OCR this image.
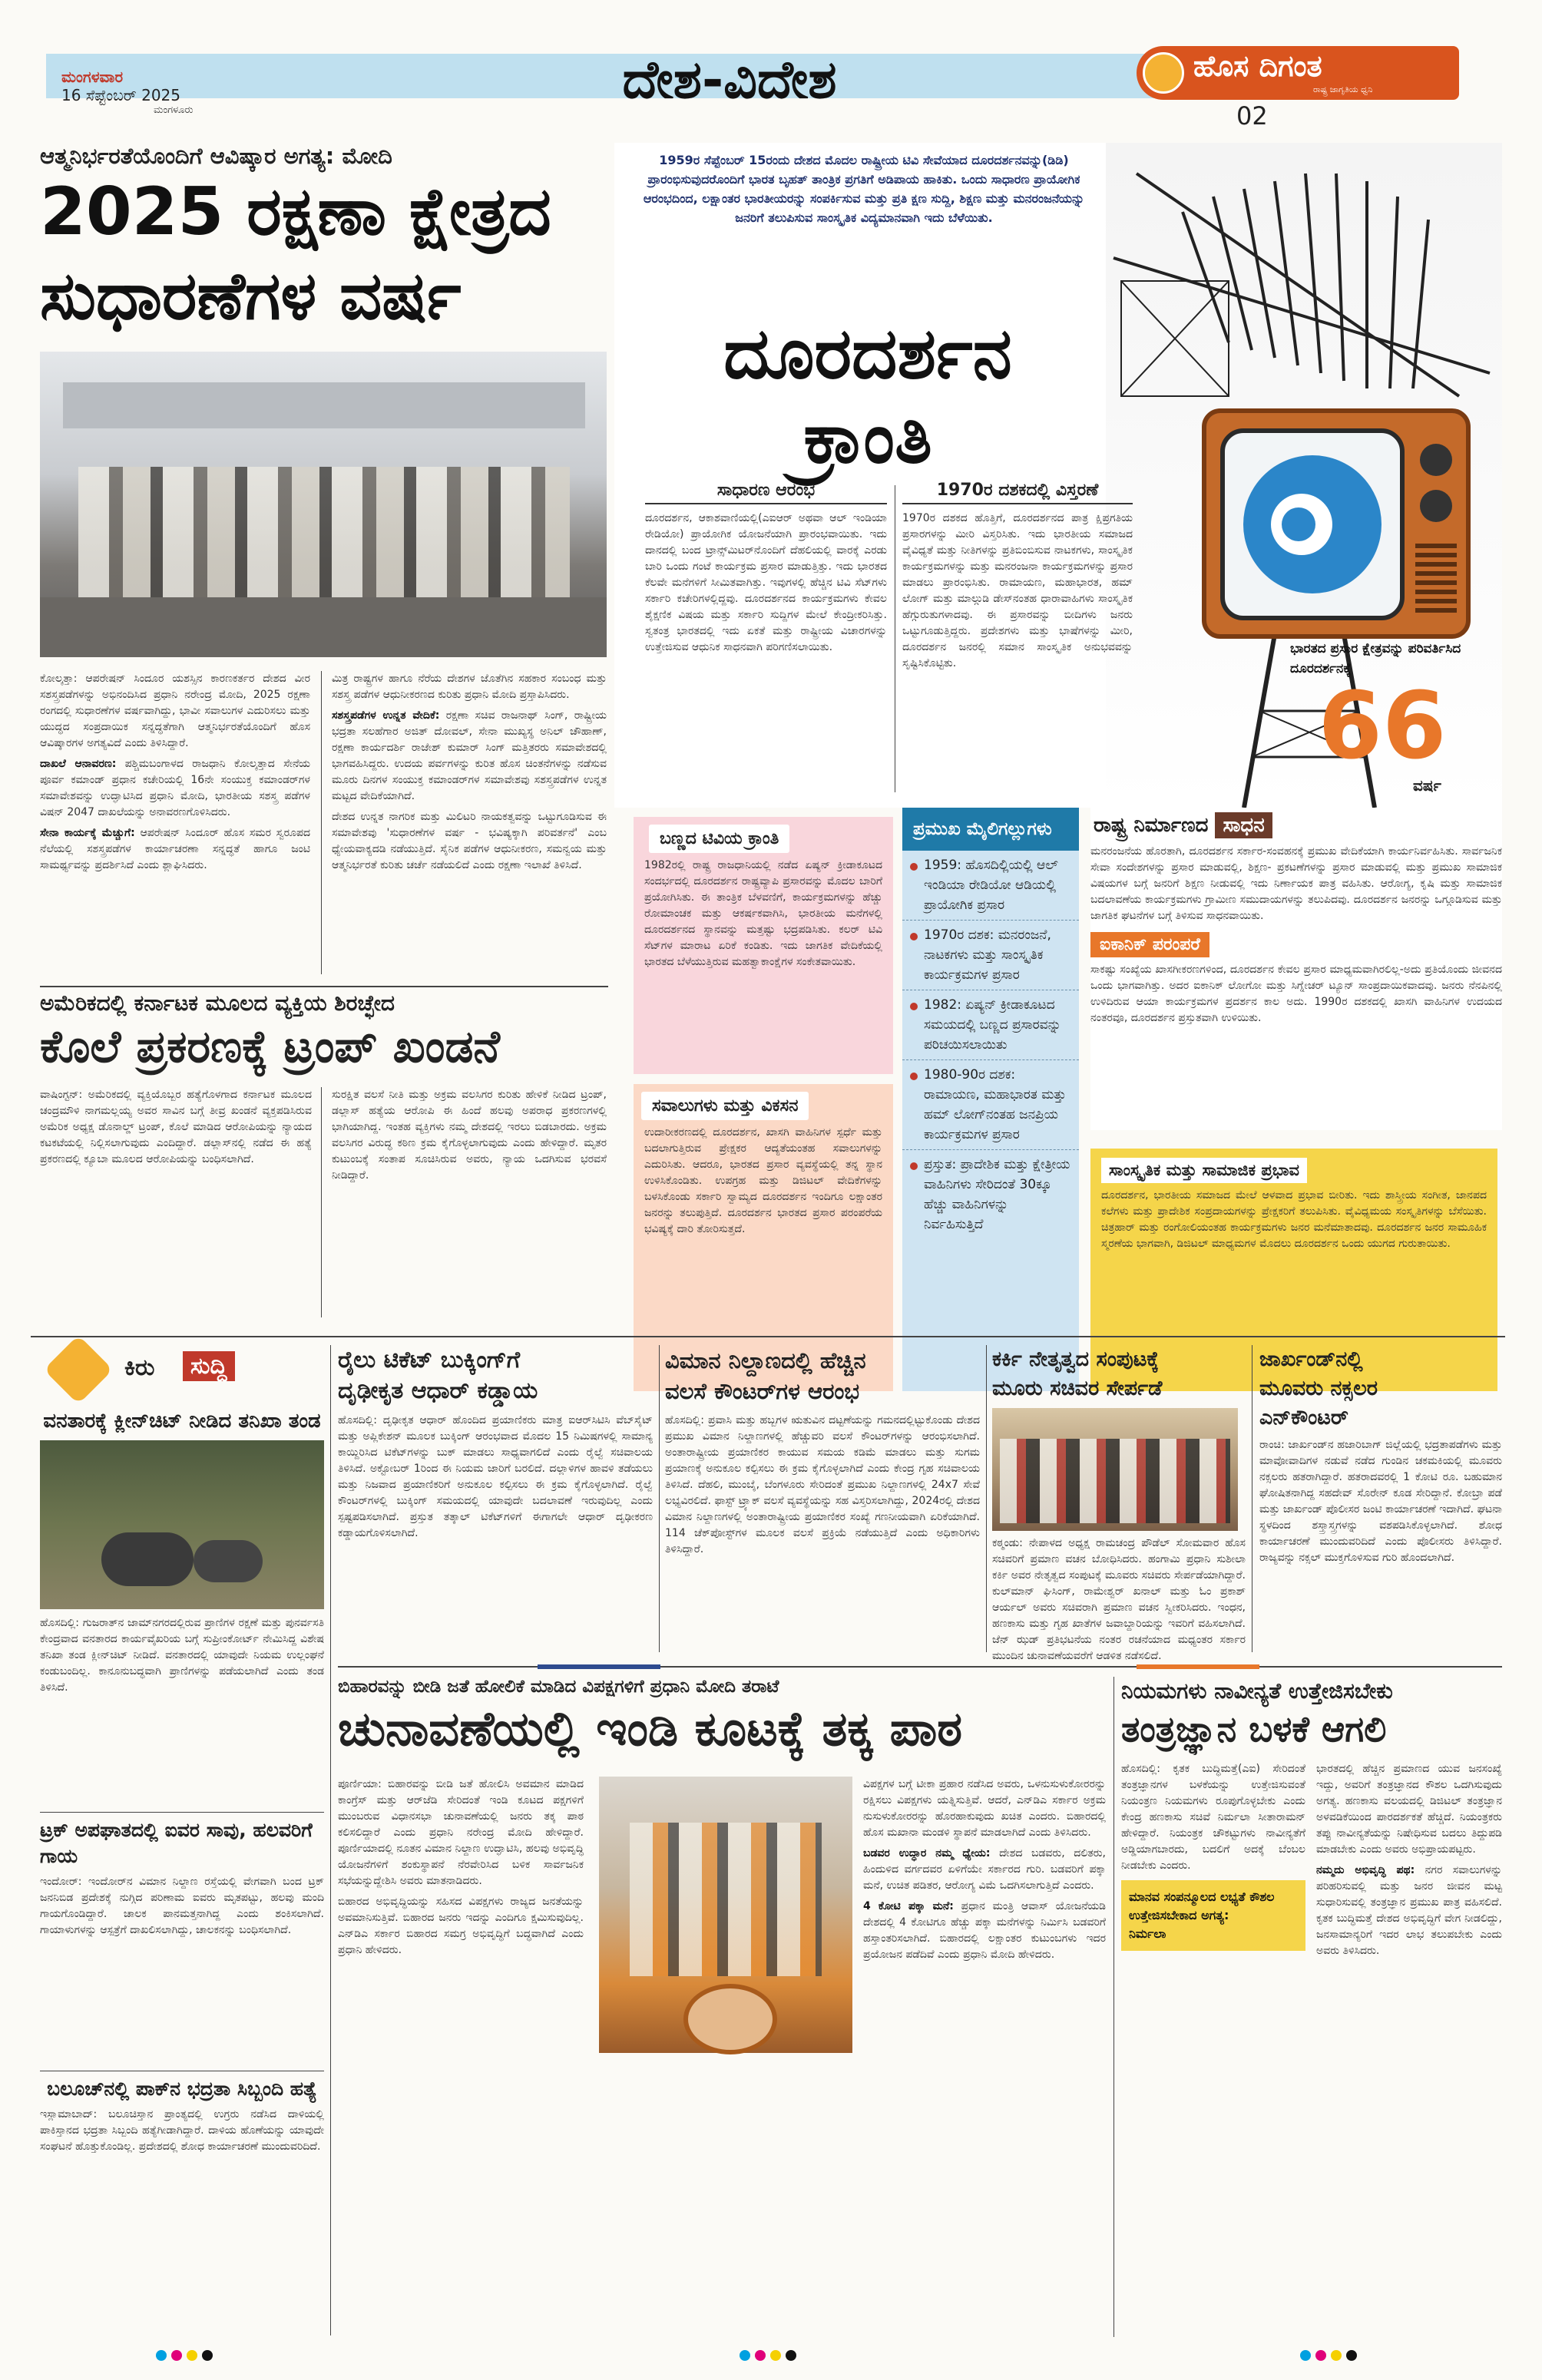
ಮಂಗಳವಾರ
16 ಸೆಪ್ಟೆಂಬರ್ 2025
ಮಂಗಳೂರು	ದೇಶ-ವಿದೇಶ	ಹೊಸ ದಿಗಂತ
ರಾಷ್ಟ್ರ ಜಾಗೃತಿಯ ಧ್ವನಿ
02
ಆತ್ಮನಿರ್ಭರತೆಯೊಂದಿಗೆ ಆವಿಷ್ಕಾರ ಅಗತ್ಯ: ಮೋದಿ
2025 ರಕ್ಷಣಾ ಕ್ಷೇತ್ರದ
ಸುಧಾರಣೆಗಳ ವರ್ಷ

ಕೋಲ್ಕತ್ತಾ: ಆಪರೇಷನ್ ಸಿಂದೂರ ಯಶಸ್ಸಿನ ಕಾರಣಕರ್ತರ ದೇಶದ ವೀರ ಸಶಸ್ತ್ರಪಡೆಗಳನ್ನು ಅಭಿನಂದಿಸಿದ ಪ್ರಧಾನಿ ನರೇಂದ್ರ ಮೋದಿ, 2025 ರಕ್ಷಣಾ ರಂಗದಲ್ಲಿ ಸುಧಾರಣೆಗಳ ವರ್ಷವಾಗಿದ್ದು, ಭಾವೀ ಸವಾಲುಗಳ ಎದುರಿಸಲು ಮತ್ತು ಯುದ್ಧದ ಸಂಪ್ರದಾಯಿಕ ಸನ್ನದ್ಧತೆಗಾಗಿ ಆತ್ಮನಿರ್ಭರತೆಯೊಂದಿಗೆ ಹೊಸ ಆವಿಷ್ಕಾರಗಳ ಅಗತ್ಯವಿದೆ ಎಂದು ತಿಳಿಸಿದ್ದಾರೆ.

ದಾಖಲೆ ಆನಾವರಣ: ಪಶ್ಚಿಮಬಂಗಾಳದ ರಾಜಧಾನಿ ಕೋಲ್ಕತ್ತಾದ ಸೇನೆಯ ಪೂರ್ವ ಕಮಾಂಡ್ ಪ್ರಧಾನ ಕಚೇರಿಯಲ್ಲಿ 16ನೇ ಸಂಯುಕ್ತ ಕಮಾಂಡರ್‌ಗಳ ಸಮಾವೇಶವನ್ನು ಉದ್ಘಾಟಿಸಿದ ಪ್ರಧಾನಿ ಮೋದಿ, ಭಾರತೀಯ ಸಶಸ್ತ್ರ ಪಡೆಗಳ ವಿಷನ್ 2047 ದಾಖಲೆಯನ್ನು ಅನಾವರಣಗೊಳಿಸಿದರು.

ಸೇನಾ ಕಾರ್ಯಕ್ಕೆ ಮೆಚ್ಚುಗೆ: ಆಪರೇಷನ್ ಸಿಂದೂರ್ ಹೊಸ ಸಮರ ಸ್ವರೂಪದ ನೆಲೆಯಲ್ಲಿ ಸಶಸ್ತ್ರಪಡೆಗಳ ಕಾರ್ಯಾಚರಣಾ ಸನ್ನದ್ಧತೆ ಹಾಗೂ ಜಂಟಿ ಸಾಮರ್ಥ್ಯವನ್ನು ಪ್ರದರ್ಶಿಸಿದೆ ಎಂದು ಶ್ಲಾಘಿಸಿದರು.

ಮಿತ್ರ ರಾಷ್ಟ್ರಗಳ ಹಾಗೂ ನೆರೆಯ ದೇಶಗಳ ಜೊತೆಗಿನ ಸಹಕಾರ ಸಂಬಂಧ ಮತ್ತು ಸಶಸ್ತ್ರ ಪಡೆಗಳ ಆಧುನೀಕರಣದ ಕುರಿತು ಪ್ರಧಾನಿ ಮೋದಿ ಪ್ರಸ್ತಾಪಿಸಿದರು.

ಸಶಸ್ತ್ರಪಡೆಗಳ ಉನ್ನತ ವೇದಿಕೆ: ರಕ್ಷಣಾ ಸಚಿವ ರಾಜನಾಥ್ ಸಿಂಗ್, ರಾಷ್ಟ್ರೀಯ ಭದ್ರತಾ ಸಲಹೆಗಾರ ಅಜಿತ್ ದೋವಲ್, ಸೇನಾ ಮುಖ್ಯಸ್ಥ ಅನಿಲ್ ಚೌಹಾಣ್, ರಕ್ಷಣಾ ಕಾರ್ಯದರ್ಶಿ ರಾಜೇಶ್ ಕುಮಾರ್ ಸಿಂಗ್ ಮತ್ತಿತರರು ಸಮಾವೇಶದಲ್ಲಿ ಭಾಗವಹಿಸಿದ್ದರು. ಉದಯ ಪರ್ವಗಳನ್ನು ಕುರಿತ ಹೊಸ ಚಿಂತನೆಗಳನ್ನು ನಡೆಸುವ ಮೂರು ದಿನಗಳ ಸಂಯುಕ್ತ ಕಮಾಂಡರ್‌ಗಳ ಸಮಾವೇಶವು ಸಶಸ್ತ್ರಪಡೆಗಳ ಉನ್ನತ ಮಟ್ಟದ ವೇದಿಕೆಯಾಗಿದೆ.

ದೇಶದ ಉನ್ನತ ನಾಗರಿಕ ಮತ್ತು ಮಿಲಿಟರಿ ನಾಯಕತ್ವವನ್ನು ಒಟ್ಟುಗೂಡಿಸುವ ಈ ಸಮಾವೇಶವು 'ಸುಧಾರಣೆಗಳ ವರ್ಷ - ಭವಿಷ್ಯಕ್ಕಾಗಿ ಪರಿವರ್ತನೆ' ಎಂಬ ಧ್ಯೇಯವಾಕ್ಯದಡಿ ನಡೆಯುತ್ತಿದೆ. ಸೈನಿಕ ಪಡೆಗಳ ಆಧುನೀಕರಣ, ಸಮನ್ವಯ ಮತ್ತು ಆತ್ಮನಿರ್ಭರತೆ ಕುರಿತು ಚರ್ಚೆ ನಡೆಯಲಿದೆ ಎಂದು ರಕ್ಷಣಾ ಇಲಾಖೆ ತಿಳಿಸಿದೆ.

1959ರ ಸೆಪ್ಟೆಂಬರ್ 15ರಂದು ದೇಶದ ಮೊದಲ ರಾಷ್ಟ್ರೀಯ ಟಿವಿ ಸೇವೆಯಾದ ದೂರದರ್ಶನವನ್ನು(ಡಿಡಿ) ಪ್ರಾರಂಭಿಸುವುದರೊಂದಿಗೆ ಭಾರತ ಬೃಹತ್ ತಾಂತ್ರಿಕ ಪ್ರಗತಿಗೆ ಅಡಿಪಾಯ ಹಾಕಿತು. ಒಂದು ಸಾಧಾರಣ ಪ್ರಾಯೋಗಿಕ ಆರಂಭದಿಂದ, ಲಕ್ಷಾಂತರ ಭಾರತೀಯರನ್ನು ಸಂಪರ್ಕಿಸುವ ಮತ್ತು ಪ್ರತಿ ಕ್ಷಣ ಸುದ್ದಿ, ಶಿಕ್ಷಣ ಮತ್ತು ಮನರಂಜನೆಯನ್ನು ಜನರಿಗೆ ತಲುಪಿಸುವ ಸಾಂಸ್ಕೃತಿಕ ವಿದ್ಯಮಾನವಾಗಿ ಇದು ಬೆಳೆಯಿತು.
ದೂರದರ್ಶನ
ಕ್ರಾಂತಿ
ಸಾಧಾರಣ ಆರಂಭ
ದೂರದರ್ಶನ, ಆಕಾಶವಾಣಿಯಲ್ಲಿ(ಎಐಆರ್ ಅಥವಾ ಆಲ್ ಇಂಡಿಯಾ ರೇಡಿಯೋ) ಪ್ರಾಯೋಗಿಕ ಯೋಜನೆಯಾಗಿ ಪ್ರಾರಂಭವಾಯಿತು. ಇದು ದಾನದಲ್ಲಿ ಬಂದ ಟ್ರಾನ್ಸ್‌ಮಿಟರ್‌ನೊಂದಿಗೆ ದೆಹಲಿಯಲ್ಲಿ ವಾರಕ್ಕೆ ಎರಡು ಬಾರಿ ಒಂದು ಗಂಟೆ ಕಾರ್ಯಕ್ರಮ ಪ್ರಸಾರ ಮಾಡುತ್ತಿತ್ತು. ಇದು ಭಾರತದ ಕೆಲವೇ ಮನೆಗಳಿಗೆ ಸೀಮಿತವಾಗಿತ್ತು. ಇವುಗಳಲ್ಲಿ ಹೆಚ್ಚಿನ ಟಿವಿ ಸೆಟ್‌ಗಳು ಸರ್ಕಾರಿ ಕಚೇರಿಗಳಲ್ಲಿದ್ದವು. ದೂರದರ್ಶನದ ಕಾರ್ಯಕ್ರಮಗಳು ಕೇವಲ ಶೈಕ್ಷಣಿಕ ವಿಷಯ ಮತ್ತು ಸರ್ಕಾರಿ ಸುದ್ದಿಗಳ ಮೇಲೆ ಕೇಂದ್ರೀಕರಿಸಿತ್ತು. ಸ್ವತಂತ್ರ ಭಾರತದಲ್ಲಿ ಇದು ಏಕತೆ ಮತ್ತು ರಾಷ್ಟ್ರೀಯ ವಿಚಾರಗಳನ್ನು ಉತ್ತೇಜಿಸುವ ಆಧುನಿಕ ಸಾಧನವಾಗಿ ಪರಿಗಣಿಸಲಾಯಿತು.
1970ರ ದಶಕದಲ್ಲಿ ವಿಸ್ತರಣೆ
1970ರ ದಶಕದ ಹೊತ್ತಿಗೆ, ದೂರದರ್ಶನದ ಪಾತ್ರ ಕ್ಷಿಪ್ರಗತಿಯ ಪ್ರಸಾರಗಳನ್ನು ಮೀರಿ ವಿಸ್ತರಿಸಿತು. ಇದು ಭಾರತೀಯ ಸಮಾಜದ ವೈವಿಧ್ಯತೆ ಮತ್ತು ನೀತಿಗಳನ್ನು ಪ್ರತಿಬಿಂಬಿಸುವ ನಾಟಕಗಳು, ಸಾಂಸ್ಕೃತಿಕ ಕಾರ್ಯಕ್ರಮಗಳನ್ನು ಮತ್ತು ಮನರಂಜನಾ ಕಾರ್ಯಕ್ರಮಗಳನ್ನು ಪ್ರಸಾರ ಮಾಡಲು ಪ್ರಾರಂಭಿಸಿತು. ರಾಮಾಯಣ, ಮಹಾಭಾರತ, ಹಮ್ ಲೋಗ್ ಮತ್ತು ಮಾಲ್ಗುಡಿ ಡೇಸ್‌ನಂತಹ ಧಾರಾವಾಹಿಗಳು ಸಾಂಸ್ಕೃತಿಕ ಹೆಗ್ಗುರುತುಗಳಾದವು. ಈ ಪ್ರಸಾರವನ್ನು ಬೀದಿಗಳು ಜನರು ಒಟ್ಟುಗೂಡುತ್ತಿದ್ದರು. ಪ್ರದೇಶಗಳು ಮತ್ತು ಭಾಷೆಗಳನ್ನು ಮೀರಿ, ದೂರದರ್ಶನ ಜನರಲ್ಲಿ ಸಮಾನ ಸಾಂಸ್ಕೃತಿಕ ಅನುಭವವನ್ನು ಸೃಷ್ಟಿಸಿಕೊಟ್ಟಿತು.
ಭಾರತದ ಪ್ರಸಾರ ಕ್ಷೇತ್ರವನ್ನು ಪರಿವರ್ತಿಸಿದ ದೂರದರ್ಶನಕ್ಕೆ
66
ವರ್ಷ
ಬಣ್ಣದ ಟಿವಿಯ ಕ್ರಾಂತಿ
1982ರಲ್ಲಿ ರಾಷ್ಟ್ರ ರಾಜಧಾನಿಯಲ್ಲಿ ನಡೆದ ಏಷ್ಯನ್ ಕ್ರೀಡಾಕೂಟದ ಸಂದರ್ಭದಲ್ಲಿ ದೂರದರ್ಶನ ರಾಷ್ಟ್ರವ್ಯಾಪಿ ಪ್ರಸಾರವನ್ನು ಮೊದಲ ಬಾರಿಗೆ ಪ್ರಯೋಗಿಸಿತು. ಈ ತಾಂತ್ರಿಕ ಬೆಳವಣಿಗೆ, ಕಾರ್ಯಕ್ರಮಗಳನ್ನು ಹೆಚ್ಚು ರೋಮಾಂಚಕ ಮತ್ತು ಆಕರ್ಷಕವಾಗಿಸಿ, ಭಾರತೀಯ ಮನೆಗಳಲ್ಲಿ ದೂರದರ್ಶನದ ಸ್ಥಾನವನ್ನು ಮತ್ತಷ್ಟು ಭದ್ರಪಡಿಸಿತು. ಕಲರ್ ಟಿವಿ ಸೆಟ್‌ಗಳ ಮಾರಾಟ ಏರಿಕೆ ಕಂಡಿತು. ಇದು ಜಾಗತಿಕ ವೇದಿಕೆಯಲ್ಲಿ ಭಾರತದ ಬೆಳೆಯುತ್ತಿರುವ ಮಹತ್ವಾಕಾಂಕ್ಷೆಗಳ ಸಂಕೇತವಾಯಿತು.
ಸವಾಲುಗಳು ಮತ್ತು ವಿಕಸನ
ಉದಾರೀಕರಣದಲ್ಲಿ ದೂರದರ್ಶನ, ಖಾಸಗಿ ವಾಹಿನಿಗಳ ಸ್ಪರ್ಧೆ ಮತ್ತು ಬದಲಾಗುತ್ತಿರುವ ಪ್ರೇಕ್ಷಕರ ಆದ್ಯತೆಯಂತಹ ಸವಾಲುಗಳನ್ನು ಎದುರಿಸಿತು. ಆದರೂ, ಭಾರತದ ಪ್ರಸಾರ ವ್ಯವಸ್ಥೆಯಲ್ಲಿ ತನ್ನ ಸ್ಥಾನ ಉಳಿಸಿಕೊಂಡಿತು. ಉಪಗ್ರಹ ಮತ್ತು ಡಿಜಿಟಲ್ ವೇದಿಕೆಗಳನ್ನು ಬಳಸಿಕೊಂಡು ಸರ್ಕಾರಿ ಸ್ವಾಮ್ಯದ ದೂರದರ್ಶನ ಇಂದಿಗೂ ಲಕ್ಷಾಂತರ ಜನರನ್ನು ತಲುಪುತ್ತಿದೆ. ದೂರದರ್ಶನ ಭಾರತದ ಪ್ರಸಾರ ಪರಂಪರೆಯ ಭವಿಷ್ಯಕ್ಕೆ ದಾರಿ ತೋರಿಸುತ್ತದೆ.
ಪ್ರಮುಖ ಮೈಲಿಗಲ್ಲುಗಳು
1959: ಹೊಸದಿಲ್ಲಿಯಲ್ಲಿ ಆಲ್ ಇಂಡಿಯಾ ರೇಡಿಯೋ ಆಡಿಯಲ್ಲಿ ಪ್ರಾಯೋಗಿಕ ಪ್ರಸಾರ
1970ರ ದಶಕ: ಮನರಂಜನೆ, ನಾಟಕಗಳು ಮತ್ತು ಸಾಂಸ್ಕೃತಿಕ ಕಾರ್ಯಕ್ರಮಗಳ ಪ್ರಸಾರ
1982: ಏಷ್ಯನ್ ಕ್ರೀಡಾಕೂಟದ ಸಮಯದಲ್ಲಿ ಬಣ್ಣದ ಪ್ರಸಾರವನ್ನು ಪರಿಚಯಿಸಲಾಯಿತು
1980-90ರ ದಶಕ: ರಾಮಾಯಣ, ಮಹಾಭಾರತ ಮತ್ತು ಹಮ್ ಲೋಗ್‌ನಂತಹ ಜನಪ್ರಿಯ ಕಾರ್ಯಕ್ರಮಗಳ ಪ್ರಸಾರ
ಪ್ರಸ್ತುತ: ಪ್ರಾದೇಶಿಕ ಮತ್ತು ಕ್ಷೇತ್ರೀಯ ವಾಹಿನಿಗಳು ಸೇರಿದಂತೆ 30ಕ್ಕೂ ಹೆಚ್ಚು ವಾಹಿನಿಗಳನ್ನು ನಿರ್ವಹಿಸುತ್ತಿದೆ
ರಾಷ್ಟ್ರ ನಿರ್ಮಾಣದ ಸಾಧನ
ಮನರಂಜನೆಯ ಹೊರತಾಗಿ, ದೂರದರ್ಶನ ಸರ್ಕಾರ-ಸಂವಹನಕ್ಕೆ ಪ್ರಮುಖ ವೇದಿಕೆಯಾಗಿ ಕಾರ್ಯನಿರ್ವಹಿಸಿತು. ಸಾರ್ವಜನಿಕ ಸೇವಾ ಸಂದೇಶಗಳನ್ನು ಪ್ರಸಾರ ಮಾಡುವಲ್ಲಿ, ಶಿಕ್ಷಣ- ಪ್ರಕಟಣೆಗಳನ್ನು ಪ್ರಸಾರ ಮಾಡುವಲ್ಲಿ ಮತ್ತು ಪ್ರಮುಖ ಸಾಮಾಜಿಕ ವಿಷಯಗಳ ಬಗ್ಗೆ ಜನರಿಗೆ ಶಿಕ್ಷಣ ನೀಡುವಲ್ಲಿ ಇದು ನಿರ್ಣಾಯಕ ಪಾತ್ರ ವಹಿಸಿತು. ಆರೋಗ್ಯ, ಕೃಷಿ ಮತ್ತು ಸಾಮಾಜಿಕ ಬದಲಾವಣೆಯ ಕಾರ್ಯಕ್ರಮಗಳು ಗ್ರಾಮೀಣ ಸಮುದಾಯಗಳನ್ನು ತಲುಪಿದವು. ದೂರದರ್ಶನ ಜನರನ್ನು ಒಗ್ಗೂಡಿಸುವ ಮತ್ತು ಜಾಗತಿಕ ಘಟನೆಗಳ ಬಗ್ಗೆ ತಿಳಿಸುವ ಸಾಧನವಾಯಿತು.
ಐಕಾನಿಕ್ ಪರಂಪರೆ
ಸಾಕಷ್ಟು ಸಂಖ್ಯೆಯ ಖಾಸಗೀಕರಣಗಳಿಂದ, ದೂರದರ್ಶನ ಕೇವಲ ಪ್ರಸಾರ ಮಾಧ್ಯಮವಾಗಿರಲಿಲ್ಲ-ಅದು ಪ್ರತಿಯೊಂದು ಜೀವನದ ಒಂದು ಭಾಗವಾಗಿತ್ತು. ಅದರ ಐಕಾನಿಕ್ ಲೋಗೋ ಮತ್ತು ಸಿಗ್ನೇಚರ್ ಟ್ಯೂನ್ ಸಾಂಪ್ರದಾಯಿಕವಾದವು. ಜನರು ನೆನಪಿನಲ್ಲಿ ಉಳಿದಿರುವ ಆಯಾ ಕಾರ್ಯಕ್ರಮಗಳ ಪ್ರದರ್ಶನ ಕಾಲ ಅದು. 1990ರ ದಶಕದಲ್ಲಿ ಖಾಸಗಿ ವಾಹಿನಿಗಳ ಉದಯದ ನಂತರವೂ, ದೂರದರ್ಶನ ಪ್ರಸ್ತುತವಾಗಿ ಉಳಿಯಿತು.
ಸಾಂಸ್ಕೃತಿಕ ಮತ್ತು ಸಾಮಾಜಿಕ ಪ್ರಭಾವ
ದೂರದರ್ಶನ, ಭಾರತೀಯ ಸಮಾಜದ ಮೇಲೆ ಆಳವಾದ ಪ್ರಭಾವ ಬೀರಿತು. ಇದು ಶಾಸ್ತ್ರೀಯ ಸಂಗೀತ, ಜಾನಪದ ಕಲೆಗಳು ಮತ್ತು ಪ್ರಾದೇಶಿಕ ಸಂಪ್ರದಾಯಗಳನ್ನು ಪ್ರೇಕ್ಷಕರಿಗೆ ತಲುಪಿಸಿತು. ವೈವಿಧ್ಯಮಯ ಸಂಸ್ಕೃತಿಗಳನ್ನು ಬೆಸೆಯಿತು. ಚಿತ್ರಹಾರ್ ಮತ್ತು ರಂಗೋಲಿಯಂತಹ ಕಾರ್ಯಕ್ರಮಗಳು ಜನರ ಮನೆಮಾತಾದವು. ದೂರದರ್ಶನ ಜನರ ಸಾಮೂಹಿಕ ಸ್ಮರಣೆಯ ಭಾಗವಾಗಿ, ಡಿಜಿಟಲ್ ಮಾಧ್ಯಮಗಳ ಮೊದಲು ದೂರದರ್ಶನ ಒಂದು ಯುಗದ ಗುರುತಾಯಿತು.
ಅಮೆರಿಕದಲ್ಲಿ ಕರ್ನಾಟಕ ಮೂಲದ ವ್ಯಕ್ತಿಯ ಶಿರಚ್ಛೇದ
ಕೊಲೆ ಪ್ರಕರಣಕ್ಕೆ ಟ್ರಂಪ್ ಖಂಡನೆ
ವಾಷಿಂಗ್ಟನ್: ಅಮೆರಿಕದಲ್ಲಿ ವ್ಯಕ್ತಿಯೊಬ್ಬರ ಹತ್ಯೆಗೊಳಗಾದ ಕರ್ನಾಟಕ ಮೂಲದ ಚಂದ್ರಮೌಳಿ ನಾಗಮಲ್ಲಯ್ಯ ಅವರ ಸಾವಿನ ಬಗ್ಗೆ ತೀವ್ರ ಖಂಡನೆ ವ್ಯಕ್ತಪಡಿಸಿರುವ ಅಮೆರಿಕ ಅಧ್ಯಕ್ಷ ಡೊನಾಲ್ಡ್ ಟ್ರಂಪ್, ಕೊಲೆ ಮಾಡಿದ ಆರೋಪಿಯನ್ನು ನ್ಯಾಯದ ಕಟಕಟೆಯಲ್ಲಿ ನಿಲ್ಲಿಸಲಾಗುವುದು ಎಂದಿದ್ದಾರೆ. ಡಲ್ಲಾಸ್‌ನಲ್ಲಿ ನಡೆದ ಈ ಹತ್ಯೆ ಪ್ರಕರಣದಲ್ಲಿ ಕ್ಯೂಬಾ ಮೂಲದ ಆರೋಪಿಯನ್ನು ಬಂಧಿಸಲಾಗಿದೆ.
ಸುರಕ್ಷಿತ ವಲಸೆ ನೀತಿ ಮತ್ತು ಅಕ್ರಮ ವಲಸಿಗರ ಕುರಿತು ಹೇಳಿಕೆ ನೀಡಿದ ಟ್ರಂಪ್, ಡಲ್ಲಾಸ್ ಹತ್ಯೆಯ ಆರೋಪಿ ಈ ಹಿಂದೆ ಹಲವು ಅಪರಾಧ ಪ್ರಕರಣಗಳಲ್ಲಿ ಭಾಗಿಯಾಗಿದ್ದ. ಇಂತಹ ವ್ಯಕ್ತಿಗಳು ನಮ್ಮ ದೇಶದಲ್ಲಿ ಇರಲು ಬಿಡಬಾರದು. ಅಕ್ರಮ ವಲಸಿಗರ ವಿರುದ್ಧ ಕಠಿಣ ಕ್ರಮ ಕೈಗೊಳ್ಳಲಾಗುವುದು ಎಂದು ಹೇಳಿದ್ದಾರೆ. ಮೃತರ ಕುಟುಂಬಕ್ಕೆ ಸಂತಾಪ ಸೂಚಿಸಿರುವ ಅವರು, ನ್ಯಾಯ ಒದಗಿಸುವ ಭರವಸೆ ನೀಡಿದ್ದಾರೆ.
ಕಿರು	ಸುದ್ದಿ
ವನತಾರಕ್ಕೆ ಕ್ಲೀನ್‌ಚಿಟ್ ನೀಡಿದ ತನಿಖಾ ತಂಡ
ಹೊಸದಿಲ್ಲಿ: ಗುಜರಾತ್‌ನ ಜಾಮ್‌ನಗರದಲ್ಲಿರುವ ಪ್ರಾಣಿಗಳ ರಕ್ಷಣೆ ಮತ್ತು ಪುನರ್ವಸತಿ ಕೇಂದ್ರವಾದ ವನತಾರದ ಕಾರ್ಯವೈಖರಿಯ ಬಗ್ಗೆ ಸುಪ್ರೀಂಕೋರ್ಟ್ ನೇಮಿಸಿದ್ದ ವಿಶೇಷ ತನಿಖಾ ತಂಡ ಕ್ಲೀನ್‌ಚಿಟ್ ನೀಡಿದೆ. ವನತಾರದಲ್ಲಿ ಯಾವುದೇ ನಿಯಮ ಉಲ್ಲಂಘನೆ ಕಂಡುಬಂದಿಲ್ಲ. ಕಾನೂನುಬದ್ಧವಾಗಿ ಪ್ರಾಣಿಗಳನ್ನು ಪಡೆಯಲಾಗಿದೆ ಎಂದು ತಂಡ ತಿಳಿಸಿದೆ.
ಟ್ರಕ್ ಅಪಘಾತದಲ್ಲಿ ಐವರ ಸಾವು, ಹಲವರಿಗೆ ಗಾಯ
ಇಂದೋರ್: ಇಂದೋರ್‌ನ ವಿಮಾನ ನಿಲ್ದಾಣ ರಸ್ತೆಯಲ್ಲಿ ವೇಗವಾಗಿ ಬಂದ ಟ್ರಕ್ ಜನನಿಬಿಡ ಪ್ರದೇಶಕ್ಕೆ ನುಗ್ಗಿದ ಪರಿಣಾಮ ಐವರು ಮೃತಪಟ್ಟು, ಹಲವು ಮಂದಿ ಗಾಯಗೊಂಡಿದ್ದಾರೆ. ಚಾಲಕ ಪಾನಮತ್ತನಾಗಿದ್ದ ಎಂದು ಶಂಕಿಸಲಾಗಿದೆ. ಗಾಯಾಳುಗಳನ್ನು ಆಸ್ಪತ್ರೆಗೆ ದಾಖಲಿಸಲಾಗಿದ್ದು, ಚಾಲಕನನ್ನು ಬಂಧಿಸಲಾಗಿದೆ.
ಬಲೂಚ್‌ನಲ್ಲಿ ಪಾಕ್‌ನ ಭದ್ರತಾ ಸಿಬ್ಬಂದಿ ಹತ್ಯೆ
ಇಸ್ಲಾಮಾಬಾದ್: ಬಲೂಚಿಸ್ತಾನ ಪ್ರಾಂತ್ಯದಲ್ಲಿ ಉಗ್ರರು ನಡೆಸಿದ ದಾಳಿಯಲ್ಲಿ ಪಾಕಿಸ್ತಾನದ ಭದ್ರತಾ ಸಿಬ್ಬಂದಿ ಹತ್ಯೆಗೀಡಾಗಿದ್ದಾರೆ. ದಾಳಿಯ ಹೊಣೆಯನ್ನು ಯಾವುದೇ ಸಂಘಟನೆ ಹೊತ್ತುಕೊಂಡಿಲ್ಲ. ಪ್ರದೇಶದಲ್ಲಿ ಶೋಧ ಕಾರ್ಯಾಚರಣೆ ಮುಂದುವರಿದಿದೆ.
ರೈಲು ಟಿಕೆಟ್ ಬುಕ್ಕಿಂಗ್‌ಗೆ
ದೃಢೀಕೃತ ಆಧಾರ್ ಕಡ್ಡಾಯ
ಹೊಸದಿಲ್ಲಿ: ದೃಢೀಕೃತ ಆಧಾರ್ ಹೊಂದಿದ ಪ್ರಯಾಣಿಕರು ಮಾತ್ರ ಐಆರ್‌ಸಿಟಿಸಿ ವೆಬ್‌ಸೈಟ್ ಮತ್ತು ಅಪ್ಲಿಕೇಶನ್ ಮೂಲಕ ಬುಕ್ಕಿಂಗ್ ಆರಂಭವಾದ ಮೊದಲ 15 ನಿಮಿಷಗಳಲ್ಲಿ ಸಾಮಾನ್ಯ ಕಾಯ್ದಿರಿಸಿದ ಟಿಕೆಟ್‌ಗಳನ್ನು ಬುಕ್ ಮಾಡಲು ಸಾಧ್ಯವಾಗಲಿದೆ ಎಂದು ರೈಲ್ವೆ ಸಚಿವಾಲಯ ತಿಳಿಸಿದೆ. ಅಕ್ಟೋಬರ್ 1ರಿಂದ ಈ ನಿಯಮ ಜಾರಿಗೆ ಬರಲಿದೆ. ದಲ್ಲಾಳಿಗಳ ಹಾವಳಿ ತಡೆಯಲು ಮತ್ತು ನಿಜವಾದ ಪ್ರಯಾಣಿಕರಿಗೆ ಅನುಕೂಲ ಕಲ್ಪಿಸಲು ಈ ಕ್ರಮ ಕೈಗೊಳ್ಳಲಾಗಿದೆ. ರೈಲ್ವೆ ಕೌಂಟರ್‌ಗಳಲ್ಲಿ ಬುಕ್ಕಿಂಗ್ ಸಮಯದಲ್ಲಿ ಯಾವುದೇ ಬದಲಾವಣೆ ಇರುವುದಿಲ್ಲ ಎಂದು ಸ್ಪಷ್ಟಪಡಿಸಲಾಗಿದೆ. ಪ್ರಸ್ತುತ ತತ್ಕಾಲ್ ಟಿಕೆಟ್‌ಗಳಿಗೆ ಈಗಾಗಲೇ ಆಧಾರ್ ದೃಢೀಕರಣ ಕಡ್ಡಾಯಗೊಳಿಸಲಾಗಿದೆ.
ವಿಮಾನ ನಿಲ್ದಾಣದಲ್ಲಿ ಹೆಚ್ಚಿನ
ವಲಸೆ ಕೌಂಟರ್‌ಗಳ ಆರಂಭ
ಹೊಸದಿಲ್ಲಿ: ಪ್ರವಾಸಿ ಮತ್ತು ಹಬ್ಬಗಳ ಋತುವಿನ ದಟ್ಟಣೆಯನ್ನು ಗಮನದಲ್ಲಿಟ್ಟುಕೊಂಡು ದೇಶದ ಪ್ರಮುಖ ವಿಮಾನ ನಿಲ್ದಾಣಗಳಲ್ಲಿ ಹೆಚ್ಚುವರಿ ವಲಸೆ ಕೌಂಟರ್‌ಗಳನ್ನು ಆರಂಭಿಸಲಾಗಿದೆ. ಅಂತಾರಾಷ್ಟ್ರೀಯ ಪ್ರಯಾಣಿಕರ ಕಾಯುವ ಸಮಯ ಕಡಿಮೆ ಮಾಡಲು ಮತ್ತು ಸುಗಮ ಪ್ರಯಾಣಕ್ಕೆ ಅನುಕೂಲ ಕಲ್ಪಿಸಲು ಈ ಕ್ರಮ ಕೈಗೊಳ್ಳಲಾಗಿದೆ ಎಂದು ಕೇಂದ್ರ ಗೃಹ ಸಚಿವಾಲಯ ತಿಳಿಸಿದೆ. ದೆಹಲಿ, ಮುಂಬೈ, ಬೆಂಗಳೂರು ಸೇರಿದಂತೆ ಪ್ರಮುಖ ನಿಲ್ದಾಣಗಳಲ್ಲಿ 24x7 ಸೇವೆ ಲಭ್ಯವಿರಲಿದೆ. ಫಾಸ್ಟ್ ಟ್ರ್ಯಾಕ್ ವಲಸೆ ವ್ಯವಸ್ಥೆಯನ್ನು ಸಹ ವಿಸ್ತರಿಸಲಾಗಿದ್ದು, 2024ರಲ್ಲಿ ದೇಶದ ವಿಮಾನ ನಿಲ್ದಾಣಗಳಲ್ಲಿ ಅಂತಾರಾಷ್ಟ್ರೀಯ ಪ್ರಯಾಣಿಕರ ಸಂಖ್ಯೆ ಗಣನೀಯವಾಗಿ ಏರಿಕೆಯಾಗಿದೆ. 114 ಚೆಕ್‌ಪೋಸ್ಟ್‌ಗಳ ಮೂಲಕ ವಲಸೆ ಪ್ರಕ್ರಿಯೆ ನಡೆಯುತ್ತಿದೆ ಎಂದು ಅಧಿಕಾರಿಗಳು ತಿಳಿಸಿದ್ದಾರೆ.
ಕರ್ಕಿ ನೇತೃತ್ವದ ಸಂಪುಟಕ್ಕೆ
ಮೂರು ಸಚಿವರ ಸೇರ್ಪಡೆ
ಕಠ್ಮಂಡು: ನೇಪಾಳದ ಅಧ್ಯಕ್ಷ ರಾಮಚಂದ್ರ ಪೌಡೆಲ್ ಸೋಮವಾರ ಹೊಸ ಸಚಿವರಿಗೆ ಪ್ರಮಾಣ ವಚನ ಬೋಧಿಸಿದರು. ಹಂಗಾಮಿ ಪ್ರಧಾನಿ ಸುಶೀಲಾ ಕರ್ಕಿ ಅವರ ನೇತೃತ್ವದ ಸಂಪುಟಕ್ಕೆ ಮೂವರು ಸಚಿವರು ಸೇರ್ಪಡೆಯಾಗಿದ್ದಾರೆ. ಕುಲ್‌ಮಾನ್ ಘಿಸಿಂಗ್, ರಾಮೇಶ್ವರ್ ಖನಾಲ್ ಮತ್ತು ಓಂ ಪ್ರಕಾಶ್ ಆರ್ಯಲ್ ಅವರು ಸಚಿವರಾಗಿ ಪ್ರಮಾಣ ವಚನ ಸ್ವೀಕರಿಸಿದರು. ಇಂಧನ, ಹಣಕಾಸು ಮತ್ತು ಗೃಹ ಖಾತೆಗಳ ಜವಾಬ್ದಾರಿಯನ್ನು ಇವರಿಗೆ ವಹಿಸಲಾಗಿದೆ. ಜೆನ್ ಝಡ್ ಪ್ರತಿಭಟನೆಯ ನಂತರ ರಚನೆಯಾದ ಮಧ್ಯಂತರ ಸರ್ಕಾರ ಮುಂದಿನ ಚುನಾವಣೆಯವರೆಗೆ ಆಡಳಿತ ನಡೆಸಲಿದೆ.
ಜಾರ್ಖಂಡ್‌ನಲ್ಲಿ
ಮೂವರು ನಕ್ಸಲರ
ಎನ್‌ಕೌಂಟರ್
ರಾಂಚಿ: ಜಾರ್ಖಂಡ್‌ನ ಹಜಾರಿಬಾಗ್ ಜಿಲ್ಲೆಯಲ್ಲಿ ಭದ್ರತಾಪಡೆಗಳು ಮತ್ತು ಮಾವೋವಾದಿಗಳ ನಡುವೆ ನಡೆದ ಗುಂಡಿನ ಚಕಮಕಿಯಲ್ಲಿ ಮೂವರು ನಕ್ಸಲರು ಹತರಾಗಿದ್ದಾರೆ. ಹತರಾದವರಲ್ಲಿ 1 ಕೋಟಿ ರೂ. ಬಹುಮಾನ ಘೋಷಿತನಾಗಿದ್ದ ಸಹದೇವ್ ಸೊರೇನ್ ಕೂಡ ಸೇರಿದ್ದಾನೆ. ಕೋಬ್ರಾ ಪಡೆ ಮತ್ತು ಜಾರ್ಖಂಡ್ ಪೊಲೀಸರ ಜಂಟಿ ಕಾರ್ಯಾಚರಣೆ ಇದಾಗಿದೆ. ಘಟನಾ ಸ್ಥಳದಿಂದ ಶಸ್ತ್ರಾಸ್ತ್ರಗಳನ್ನು ವಶಪಡಿಸಿಕೊಳ್ಳಲಾಗಿದೆ. ಶೋಧ ಕಾರ್ಯಾಚರಣೆ ಮುಂದುವರಿದಿದೆ ಎಂದು ಪೊಲೀಸರು ತಿಳಿಸಿದ್ದಾರೆ. ರಾಜ್ಯವನ್ನು ನಕ್ಸಲ್ ಮುಕ್ತಗೊಳಿಸುವ ಗುರಿ ಹೊಂದಲಾಗಿದೆ.
ಬಿಹಾರವನ್ನು ಬೀಡಿ ಜತೆ ಹೋಲಿಕೆ ಮಾಡಿದ ವಿಪಕ್ಷಗಳಿಗೆ ಪ್ರಧಾನಿ ಮೋದಿ ತರಾಟೆ
ಚುನಾವಣೆಯಲ್ಲಿ ಇಂಡಿ ಕೂಟಕ್ಕೆ ತಕ್ಕ ಪಾಠ

ಪೂರ್ಣಿಯಾ: ಬಿಹಾರವನ್ನು ಬೀಡಿ ಜತೆ ಹೋಲಿಸಿ ಅವಮಾನ ಮಾಡಿದ ಕಾಂಗ್ರೆಸ್ ಮತ್ತು ಆರ್‌ಜೆಡಿ ಸೇರಿದಂತೆ ಇಂಡಿ ಕೂಟದ ಪಕ್ಷಗಳಿಗೆ ಮುಂಬರುವ ವಿಧಾನಸಭಾ ಚುನಾವಣೆಯಲ್ಲಿ ಜನರು ತಕ್ಕ ಪಾಠ ಕಲಿಸಲಿದ್ದಾರೆ ಎಂದು ಪ್ರಧಾನಿ ನರೇಂದ್ರ ಮೋದಿ ಹೇಳಿದ್ದಾರೆ. ಪೂರ್ಣಿಯಾದಲ್ಲಿ ನೂತನ ವಿಮಾನ ನಿಲ್ದಾಣ ಉದ್ಘಾಟಿಸಿ, ಹಲವು ಅಭಿವೃದ್ಧಿ ಯೋಜನೆಗಳಿಗೆ ಶಂಕುಸ್ಥಾಪನೆ ನೆರವೇರಿಸಿದ ಬಳಿಕ ಸಾರ್ವಜನಿಕ ಸಭೆಯನ್ನುದ್ದೇಶಿಸಿ ಅವರು ಮಾತನಾಡಿದರು.

ಬಿಹಾರದ ಅಭಿವೃದ್ಧಿಯನ್ನು ಸಹಿಸದ ವಿಪಕ್ಷಗಳು ರಾಜ್ಯದ ಜನತೆಯನ್ನು ಅವಮಾನಿಸುತ್ತಿವೆ. ಬಿಹಾರದ ಜನರು ಇದನ್ನು ಎಂದಿಗೂ ಕ್ಷಮಿಸುವುದಿಲ್ಲ. ಎನ್‌ಡಿಎ ಸರ್ಕಾರ ಬಿಹಾರದ ಸಮಗ್ರ ಅಭಿವೃದ್ಧಿಗೆ ಬದ್ಧವಾಗಿದೆ ಎಂದು ಪ್ರಧಾನಿ ಹೇಳಿದರು.

ವಿಪಕ್ಷಗಳ ಬಗ್ಗೆ ಟೀಕಾ ಪ್ರಹಾರ ನಡೆಸಿದ ಅವರು, ಒಳನುಸುಳುಕೋರರನ್ನು ರಕ್ಷಿಸಲು ವಿಪಕ್ಷಗಳು ಯತ್ನಿಸುತ್ತಿವೆ. ಆದರೆ, ಎನ್‌ಡಿಎ ಸರ್ಕಾರ ಅಕ್ರಮ ನುಸುಳುಕೋರರನ್ನು ಹೊರಹಾಕುವುದು ಖಚಿತ ಎಂದರು. ಬಿಹಾರದಲ್ಲಿ ಹೊಸ ಮಖಾನಾ ಮಂಡಳಿ ಸ್ಥಾಪನೆ ಮಾಡಲಾಗಿದೆ ಎಂದು ತಿಳಿಸಿದರು.

ಬಡವರ ಉದ್ಧಾರ ನಮ್ಮ ಧ್ಯೇಯ: ದೇಶದ ಬಡವರು, ದಲಿತರು, ಹಿಂದುಳಿದ ವರ್ಗದವರ ಏಳಿಗೆಯೇ ಸರ್ಕಾರದ ಗುರಿ. ಬಡವರಿಗೆ ಪಕ್ಕಾ ಮನೆ, ಉಚಿತ ಪಡಿತರ, ಆರೋಗ್ಯ ವಿಮೆ ಒದಗಿಸಲಾಗುತ್ತಿದೆ ಎಂದರು.

4 ಕೋಟಿ ಪಕ್ಕಾ ಮನೆ: ಪ್ರಧಾನ ಮಂತ್ರಿ ಆವಾಸ್ ಯೋಜನೆಯಡಿ ದೇಶದಲ್ಲಿ 4 ಕೋಟಿಗೂ ಹೆಚ್ಚು ಪಕ್ಕಾ ಮನೆಗಳನ್ನು ನಿರ್ಮಿಸಿ ಬಡವರಿಗೆ ಹಸ್ತಾಂತರಿಸಲಾಗಿದೆ. ಬಿಹಾರದಲ್ಲಿ ಲಕ್ಷಾಂತರ ಕುಟುಂಬಗಳು ಇದರ ಪ್ರಯೋಜನ ಪಡೆದಿವೆ ಎಂದು ಪ್ರಧಾನಿ ಮೋದಿ ಹೇಳಿದರು.

ನಿಯಮಗಳು ನಾವೀನ್ಯತೆ ಉತ್ತೇಜಿಸಬೇಕು
ತಂತ್ರಜ್ಞಾನ ಬಳಕೆ ಆಗಲಿ

ಹೊಸದಿಲ್ಲಿ: ಕೃತಕ ಬುದ್ಧಿಮತ್ತೆ(ಎಐ) ಸೇರಿದಂತೆ ತಂತ್ರಜ್ಞಾನಗಳ ಬಳಕೆಯನ್ನು ಉತ್ತೇಜಿಸುವಂತೆ ನಿಯಂತ್ರಣ ನಿಯಮಗಳು ರೂಪುಗೊಳ್ಳಬೇಕು ಎಂದು ಕೇಂದ್ರ ಹಣಕಾಸು ಸಚಿವೆ ನಿರ್ಮಲಾ ಸೀತಾರಾಮನ್ ಹೇಳಿದ್ದಾರೆ. ನಿಯಂತ್ರಕ ಚೌಕಟ್ಟುಗಳು ನಾವೀನ್ಯತೆಗೆ ಅಡ್ಡಿಯಾಗಬಾರದು, ಬದಲಿಗೆ ಅದಕ್ಕೆ ಬೆಂಬಲ ನೀಡಬೇಕು ಎಂದರು.

ಮಾನವ ಸಂಪನ್ಮೂಲದ ಲಭ್ಯತೆ ಕೌಶಲ
ಉತ್ತೇಜಿಸಬೇಕಾದ ಅಗತ್ಯ:
ನಿರ್ಮಲಾ

ಭಾರತದಲ್ಲಿ ಹೆಚ್ಚಿನ ಪ್ರಮಾಣದ ಯುವ ಜನಸಂಖ್ಯೆ ಇದ್ದು, ಅವರಿಗೆ ತಂತ್ರಜ್ಞಾನದ ಕೌಶಲ ಒದಗಿಸುವುದು ಅಗತ್ಯ. ಹಣಕಾಸು ವಲಯದಲ್ಲಿ ಡಿಜಿಟಲ್ ತಂತ್ರಜ್ಞಾನ ಅಳವಡಿಕೆಯಿಂದ ಪಾರದರ್ಶಕತೆ ಹೆಚ್ಚಿದೆ. ನಿಯಂತ್ರಕರು ತಪ್ಪು ನಾವೀನ್ಯತೆಯನ್ನು ನಿಷೇಧಿಸುವ ಬದಲು ತಿದ್ದುಪಡಿ ಮಾಡಬೇಕು ಎಂದು ಅವರು ಅಭಿಪ್ರಾಯಪಟ್ಟರು.

ನಮ್ಮದು ಅಭಿವೃದ್ಧಿ ಪಥ: ನಗರ ಸವಾಲುಗಳನ್ನು ಪರಿಹರಿಸುವಲ್ಲಿ ಮತ್ತು ಜನರ ಜೀವನ ಮಟ್ಟ ಸುಧಾರಿಸುವಲ್ಲಿ ತಂತ್ರಜ್ಞಾನ ಪ್ರಮುಖ ಪಾತ್ರ ವಹಿಸಲಿದೆ. ಕೃತಕ ಬುದ್ಧಿಮತ್ತೆ ದೇಶದ ಅಭಿವೃದ್ಧಿಗೆ ವೇಗ ನೀಡಲಿದ್ದು, ಜನಸಾಮಾನ್ಯರಿಗೆ ಇದರ ಲಾಭ ತಲುಪಬೇಕು ಎಂದು ಅವರು ತಿಳಿಸಿದರು.
